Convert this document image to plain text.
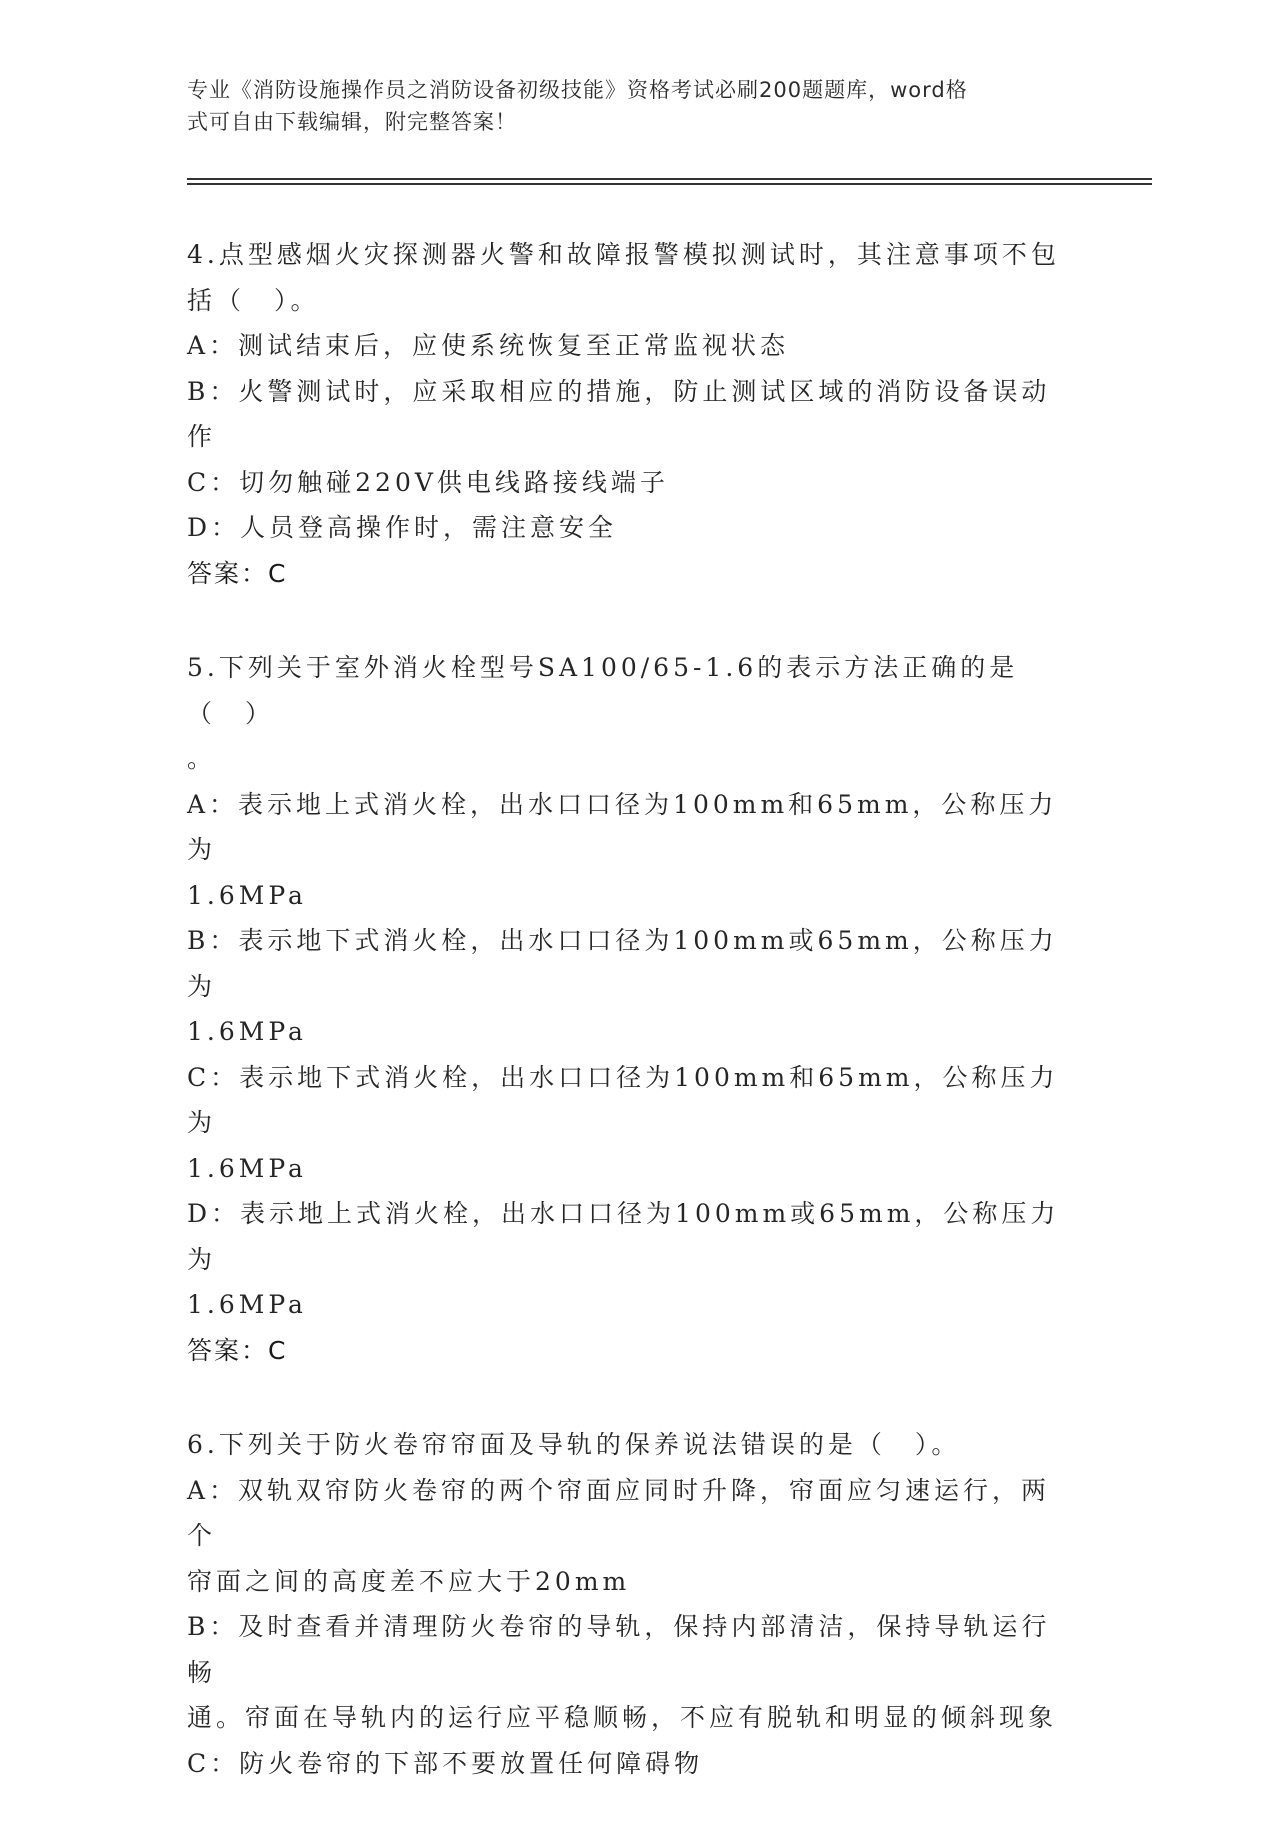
专业《消防设施操作员之消防设备初级技能》资格考试必刷200题题库，word格
式可自由下载编辑，附完整答案！
4.点型感烟火灾探测器火警和故障报警模拟测试时，其注意事项不包
括（　）。
A：测试结束后，应使系统恢复至正常监视状态
B：火警测试时，应采取相应的措施，防止测试区域的消防设备误动作
C：切勿触碰220V供电线路接线端子
D：人员登高操作时，需注意安全
答案：C
5.下列关于室外消火栓型号SA100/65-1.6的表示方法正确的是（　）
。
A：表示地上式消火栓，出水口口径为100mm和65mm，公称压力为
1.6MPa
B：表示地下式消火栓，出水口口径为100mm或65mm，公称压力为
1.6MPa
C：表示地下式消火栓，出水口口径为100mm和65mm，公称压力为
1.6MPa
D：表示地上式消火栓，出水口口径为100mm或65mm，公称压力为
1.6MPa
答案：C
6.下列关于防火卷帘帘面及导轨的保养说法错误的是（　）。
A：双轨双帘防火卷帘的两个帘面应同时升降，帘面应匀速运行，两个
帘面之间的高度差不应大于20mm
B：及时查看并清理防火卷帘的导轨，保持内部清洁，保持导轨运行畅
通。帘面在导轨内的运行应平稳顺畅，不应有脱轨和明显的倾斜现象
C：防火卷帘的下部不要放置任何障碍物
